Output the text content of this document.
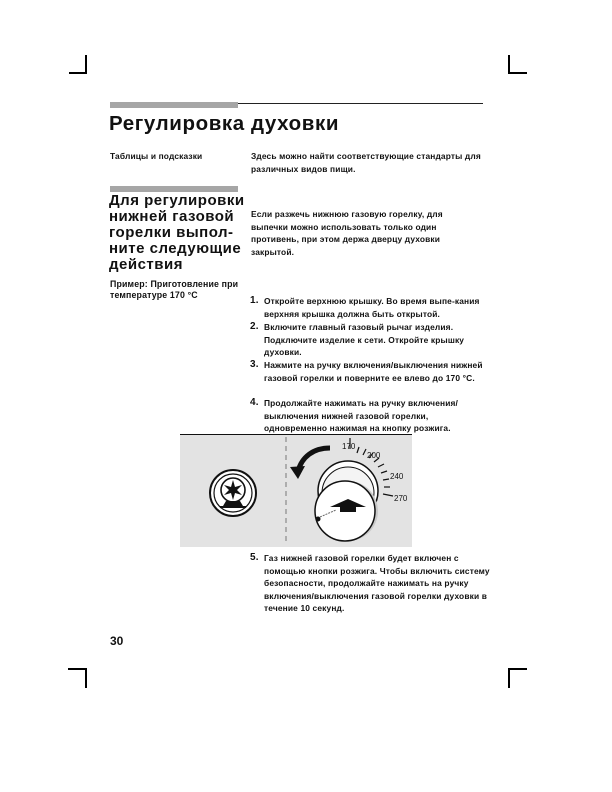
Регулировка духовки
Таблицы и подсказки	Здесь можно найти соответствующие стандарты для различных видов пищи.
Для регулировки
нижней газовой
горелки выпол-
ните следующие
действия
Если разжечь нижнюю газовую горелку, для выпечки можно использовать только один противень, при этом держа дверцу духовки закрытой.
Пример: Приготовление при температуре 170 °С
1. Откройте верхнюю крышку. Во время выпе-кания верхняя крышка должна быть открытой.
2. Включите главный газовый рычаг изделия. Подключите изделие к сети. Откройте крышку духовки.
3. Нажмите на ручку включения/выключения нижней газовой горелки и поверните ее влево до 170 °С.
4. Продолжайте нажимать на ручку включения/ выключения нижней газовой горелки, одновременно нажимая на кнопку розжига.
170
200
240
270
5. Газ нижней газовой горелки будет включен с помощью кнопки розжига. Чтобы включить систему безопасности, продолжайте нажимать на ручку включения/выключения газовой горелки духовки в течение 10 секунд.
30
